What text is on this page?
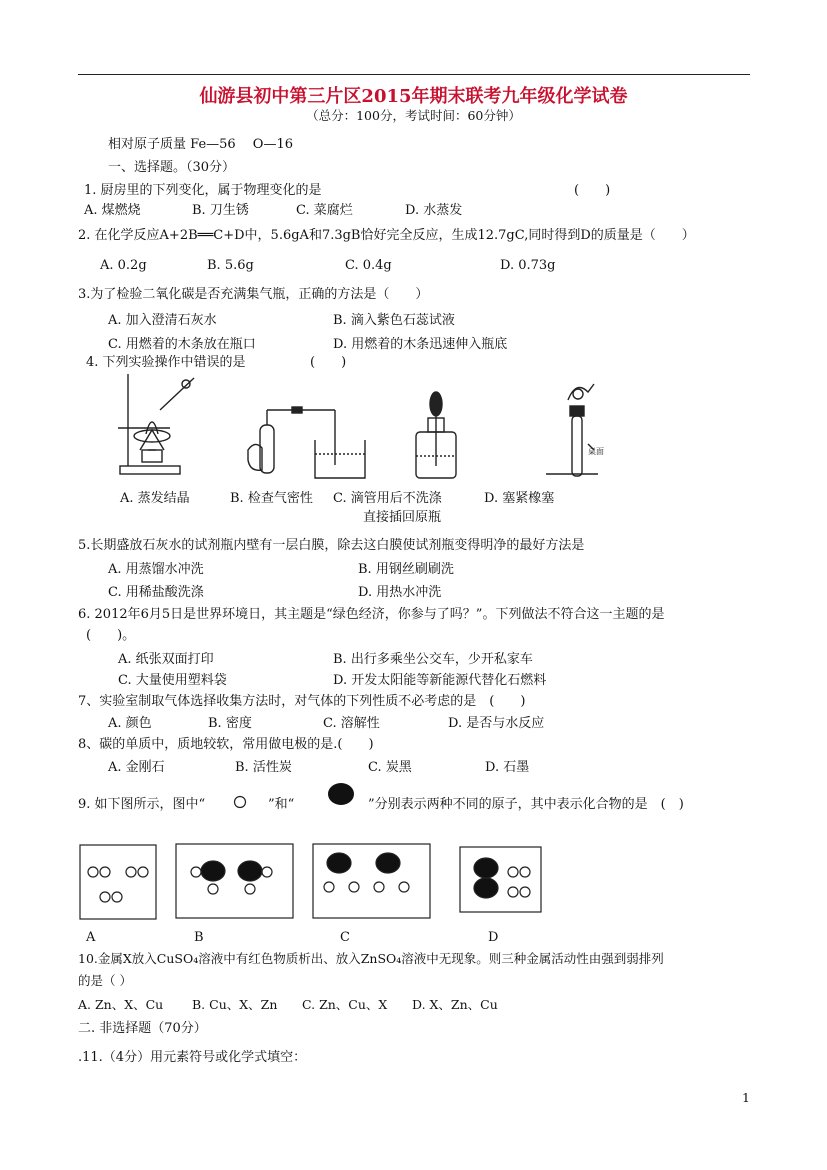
仙游县初中第三片区2015年期末联考九年级化学试卷
（总分：100分，考试时间：60分钟）
相对原子质量 Fe—56　 O—16
一、选择题。（30分）
1. 厨房里的下列变化，属于物理变化的是	(　　)
A. 煤燃烧	B. 刀生锈	C. 菜腐烂	D. 水蒸发
2. 在化学反应A+2B══C+D中，5.6gA和7.3gB恰好完全反应，生成12.7gC,同时得到D的质量是（　　）
A. 0.2g	B. 5.6g	C. 0.4g	D. 0.73g
3.为了检验二氧化碳是否充满集气瓶，正确的方法是（　　）
A. 加入澄清石灰水	B. 滴入紫色石蕊试液
C. 用燃着的木条放在瓶口	D. 用燃着的木条迅速伸入瓶底
4. 下列实验操作中错误的是	(　　)
桌面
A. 蒸发结晶	B. 检查气密性 C. 滴管用后不洗涤	D. 塞紧橡塞
直接插回原瓶
5.长期盛放石灰水的试剂瓶内壁有一层白膜，除去这白膜使试剂瓶变得明净的最好方法是
A. 用蒸馏水冲洗	B. 用钢丝刷刷洗
C. 用稀盐酸洗涤	D. 用热水冲洗
6. 2012年6月5日是世界环境日，其主题是“绿色经济，你参与了吗？”。下列做法不符合这一主题的是
(　　)。
A. 纸张双面打印	B. 出行多乘坐公交车，少开私家车
C. 大量使用塑料袋	D. 开发太阳能等新能源代替化石燃料
7、实验室制取气体选择收集方法时，对气体的下列性质不必考虑的是　(　　)
A. 颜色	B. 密度	C. 溶解性	D. 是否与水反应
8、碳的单质中，质地较软，常用做电极的是.(　　)
A. 金刚石	B. 活性炭	C. 炭黑	D. 石墨
9. 如下图所示，图中“	”和“	”分别表示两种不同的原子，其中表示化合物的是　(　)
A	B	C	D
10.金属X放入CuSO₄溶液中有红色物质析出、放入ZnSO₄溶液中无现象。则三种金属活动性由强到弱排列
的是（ ）
A. Zn、X、Cu B. Cu、X、Zn C. Zn、Cu、X D. X、Zn、Cu
二. 非选择题（70分）
.11.（4分）用元素符号或化学式填空：
1
